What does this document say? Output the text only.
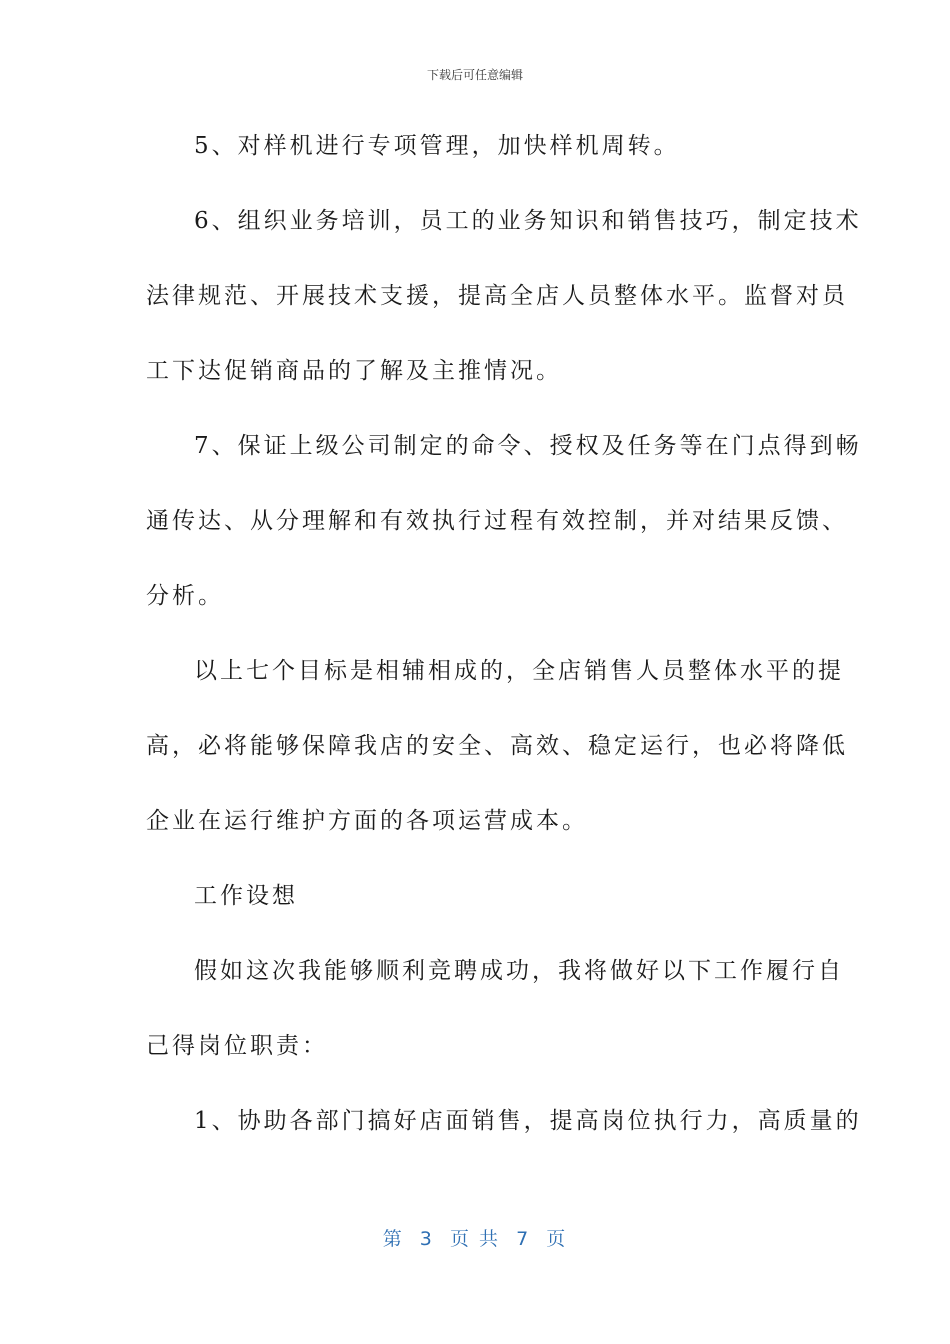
下载后可任意编辑
5、对样机进行专项管理，加快样机周转。
6、组织业务培训，员工的业务知识和销售技巧，制定技术
法律规范、开展技术支援，提高全店人员整体水平。监督对员
工下达促销商品的了解及主推情况。
7、保证上级公司制定的命令、授权及任务等在门点得到畅
通传达、从分理解和有效执行过程有效控制，并对结果反馈、
分析。
以上七个目标是相辅相成的，全店销售人员整体水平的提
高，必将能够保障我店的安全、高效、稳定运行，也必将降低
企业在运行维护方面的各项运营成本。
工作设想
假如这次我能够顺利竞聘成功，我将做好以下工作履行自
己得岗位职责：
1、协助各部门搞好店面销售，提高岗位执行力，高质量的
第  3  页 共  7  页
